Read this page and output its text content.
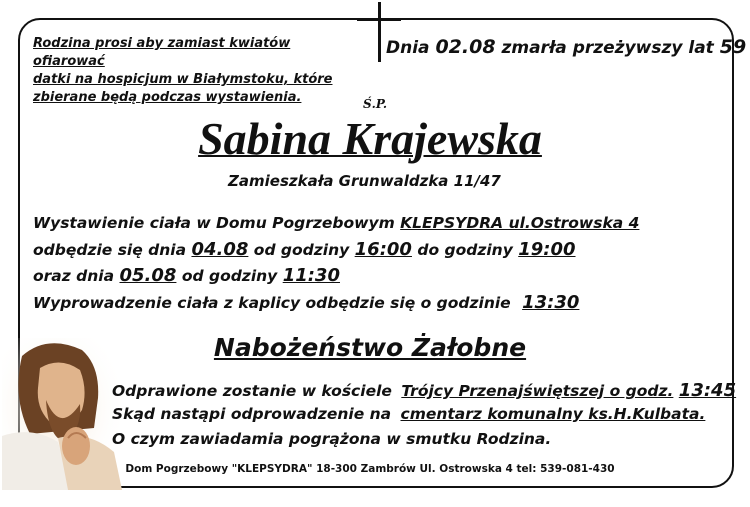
Rodzina prosi aby zamiast kwiatów ofiarować
datki na hospicjum w Białymstoku, które
zbierane będą podczas wystawienia.
Dnia 02.08 zmarła przeżywszy lat 59
Ś.P.
Sabina Krajewska
Zamieszkała Grunwaldzka 11/47
Wystawienie ciała w Domu Pogrzebowym KLEPSYDRA ul.Ostrowska 4
odbędzie się dnia 04.08 od godziny 16:00 do godziny 19:00
oraz dnia 05.08 od godziny 11:30
Wyprowadzenie ciała z kaplicy odbędzie się o godzinie 13:30
Nabożeństwo Żałobne
Odprawione zostanie w kościele Trójcy Przenajświętszej o godz. 13:45
Skąd nastąpi odprowadzenie na cmentarz komunalny ks.H.Kulbata.
O czym zawiadamia pogrążona w smutku Rodzina.
Dom Pogrzebowy "KLEPSYDRA" 18-300 Zambrów Ul. Ostrowska 4 tel: 539-081-430
